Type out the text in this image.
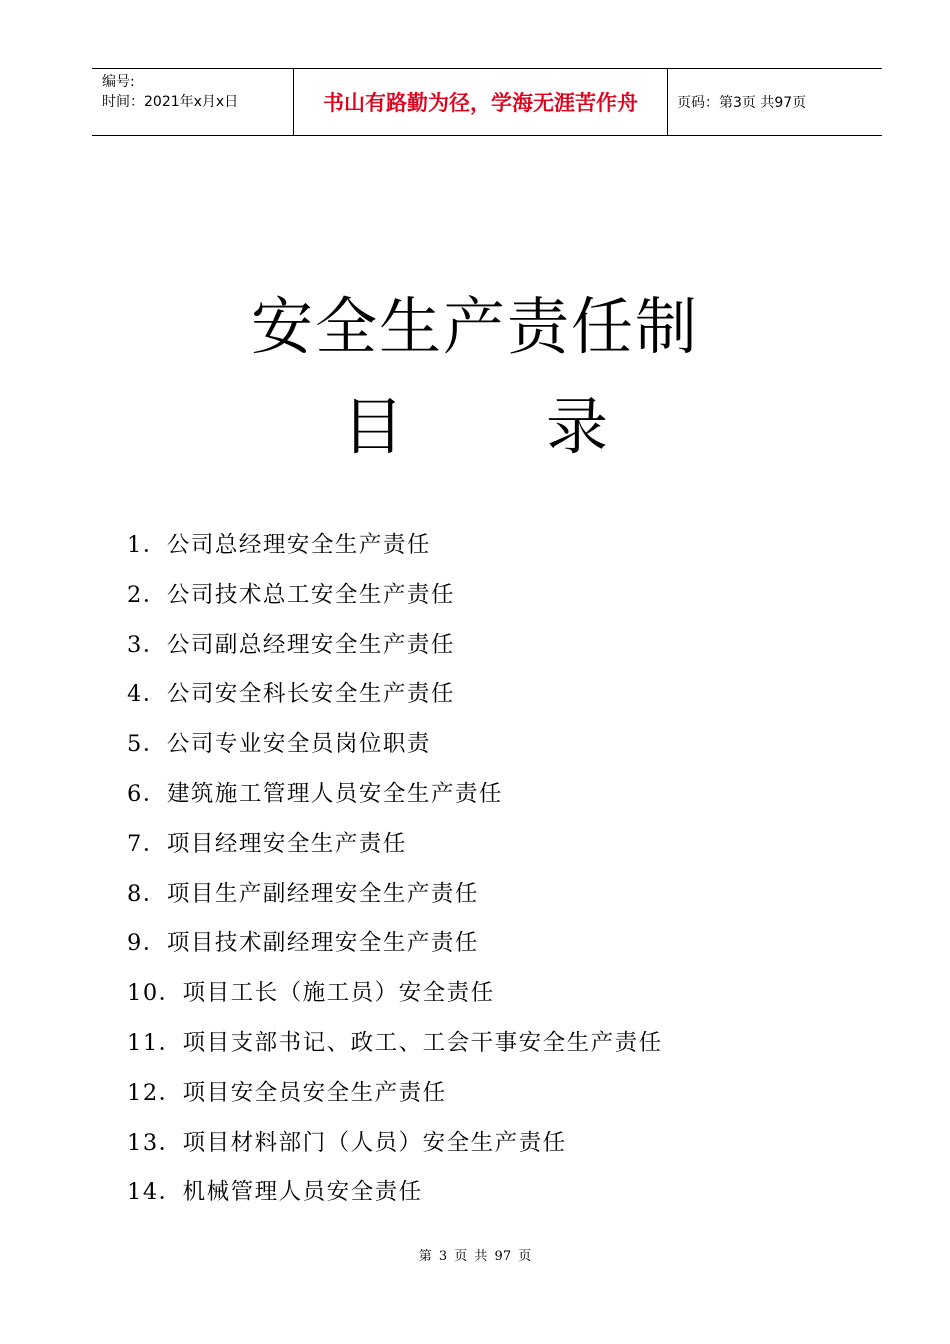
编号:
时间：2021年x月x日	书山有路勤为径，学海无涯苦作舟	页码：第3页 共97页
安全生产责任制
目 录
1．公司总经理安全生产责任
2．公司技术总工安全生产责任
3．公司副总经理安全生产责任
4．公司安全科长安全生产责任
5．公司专业安全员岗位职责
6．建筑施工管理人员安全生产责任
7．项目经理安全生产责任
8．项目生产副经理安全生产责任
9．项目技术副经理安全生产责任
10．项目工长（施工员）安全责任
11．项目支部书记、政工、工会干事安全生产责任
12．项目安全员安全生产责任
13．项目材料部门（人员）安全生产责任
14．机械管理人员安全责任
第 3 页 共 97 页
